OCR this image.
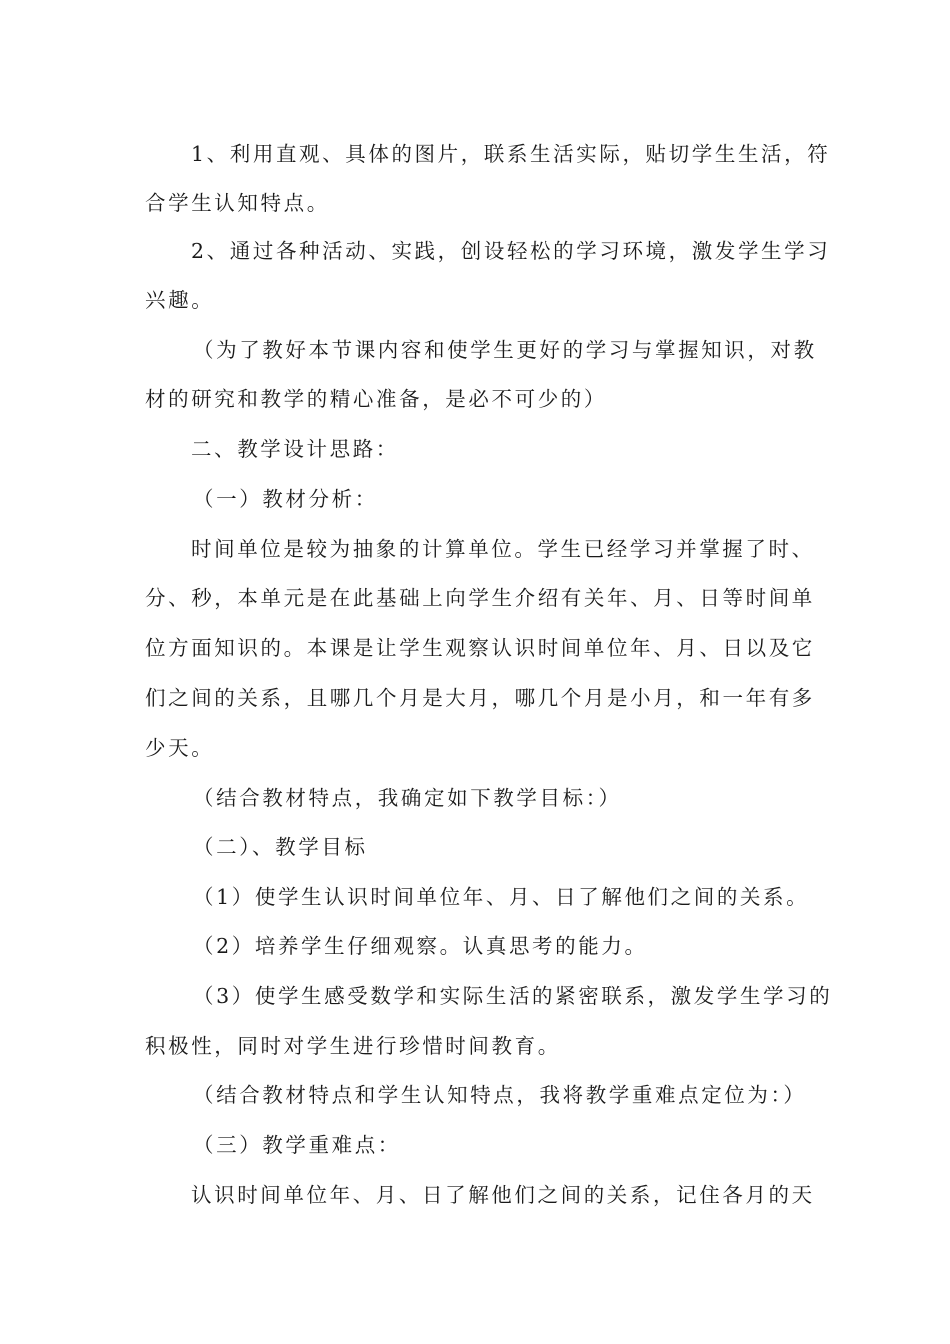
1、利用直观、具体的图片，联系生活实际，贴切学生生活，符
合学生认知特点。
2、通过各种活动、实践，创设轻松的学习环境，激发学生学习
兴趣。
（为了教好本节课内容和使学生更好的学习与掌握知识，对教
材的研究和教学的精心准备，是必不可少的）
二、教学设计思路：
（一）教材分析：
时间单位是较为抽象的计算单位。学生已经学习并掌握了时、
分、秒，本单元是在此基础上向学生介绍有关年、月、日等时间单
位方面知识的。本课是让学生观察认识时间单位年、月、日以及它
们之间的关系，且哪几个月是大月，哪几个月是小月，和一年有多
少天。
（结合教材特点，我确定如下教学目标：）
（二）、教学目标
（1）使学生认识时间单位年、月、日了解他们之间的关系。
（2）培养学生仔细观察。认真思考的能力。
（3）使学生感受数学和实际生活的紧密联系，激发学生学习的
积极性，同时对学生进行珍惜时间教育。
（结合教材特点和学生认知特点，我将教学重难点定位为：）
（三）教学重难点：
认识时间单位年、月、日了解他们之间的关系，记住各月的天
